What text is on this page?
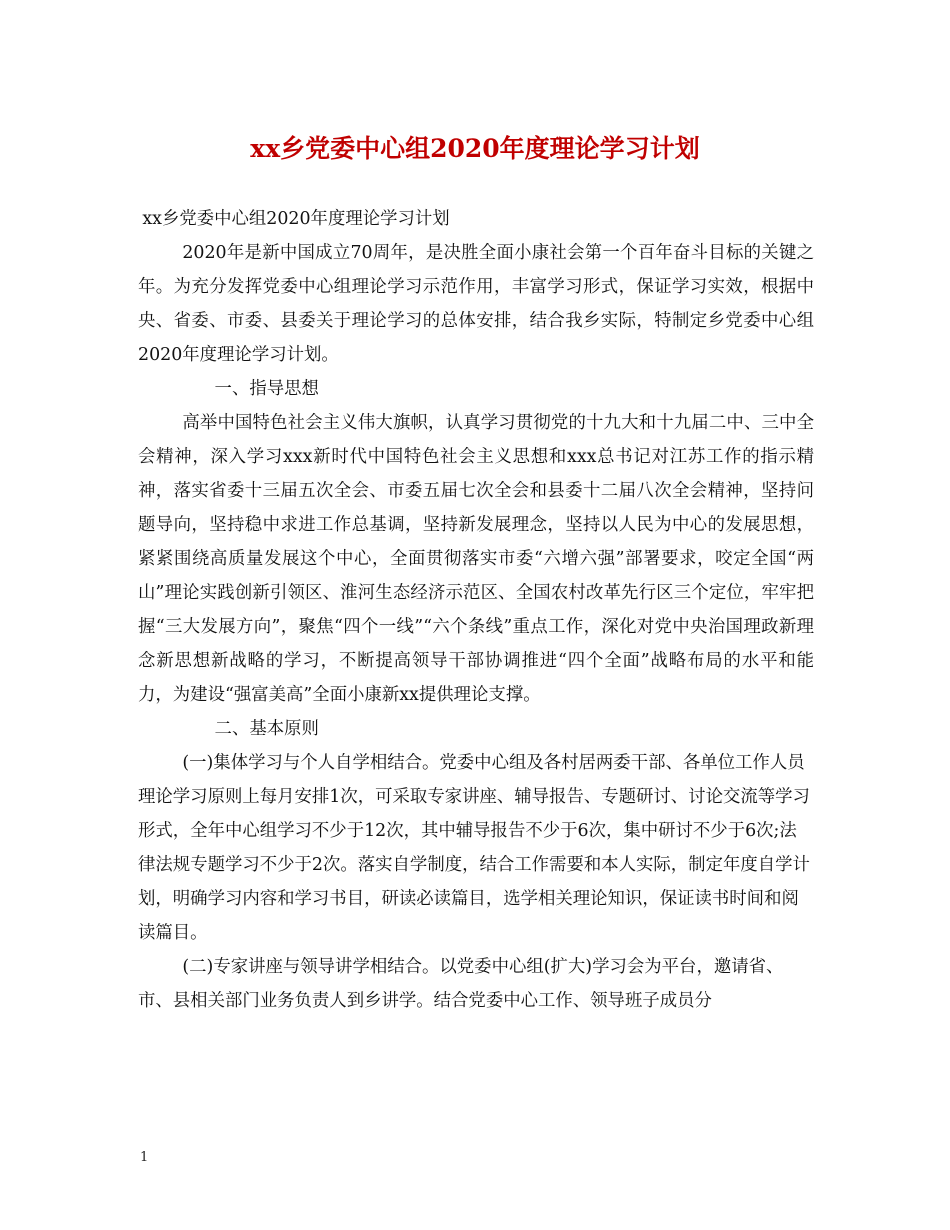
xx乡党委中心组2020年度理论学习计划

xx乡党委中心组2020年度理论学习计划

2020年是新中国成立70周年，是决胜全面小康社会第一个百年奋斗目标的关键之年。为充分发挥党委中心组理论学习示范作用，丰富学习形式，保证学习实效，根据中央、省委、市委、县委关于理论学习的总体安排，结合我乡实际，特制定乡党委中心组2020年度理论学习计划。

一、指导思想

高举中国特色社会主义伟大旗帜，认真学习贯彻党的十九大和十九届二中、三中全会精神，深入学习xxx新时代中国特色社会主义思想和xxx总书记对江苏工作的指示精神，落实省委十三届五次全会、市委五届七次全会和县委十二届八次全会精神，坚持问题导向，坚持稳中求进工作总基调，坚持新发展理念，坚持以人民为中心的发展思想，紧紧围绕高质量发展这个中心，全面贯彻落实市委“六增六强”部署要求，咬定全国“两山”理论实践创新引领区、淮河生态经济示范区、全国农村改革先行区三个定位，牢牢把握“三大发展方向”，聚焦“四个一线”“六个条线”重点工作，深化对党中央治国理政新理念新思想新战略的学习，不断提高领导干部协调推进“四个全面”战略布局的水平和能力，为建设“强富美高”全面小康新xx提供理论支撑。

二、基本原则

(一)集体学习与个人自学相结合。党委中心组及各村居两委干部、各单位工作人员理论学习原则上每月安排1次，可采取专家讲座、辅导报告、专题研讨、讨论交流等学习形式，全年中心组学习不少于12次，其中辅导报告不少于6次，集中研讨不少于6次;法律法规专题学习不少于2次。落实自学制度，结合工作需要和本人实际，制定年度自学计划，明确学习内容和学习书目，研读必读篇目，选学相关理论知识，保证读书时间和阅读篇目。

(二)专家讲座与领导讲学相结合。以党委中心组(扩大)学习会为平台，邀请省、市、县相关部门业务负责人到乡讲学。结合党委中心工作、领导班子成员分

1
